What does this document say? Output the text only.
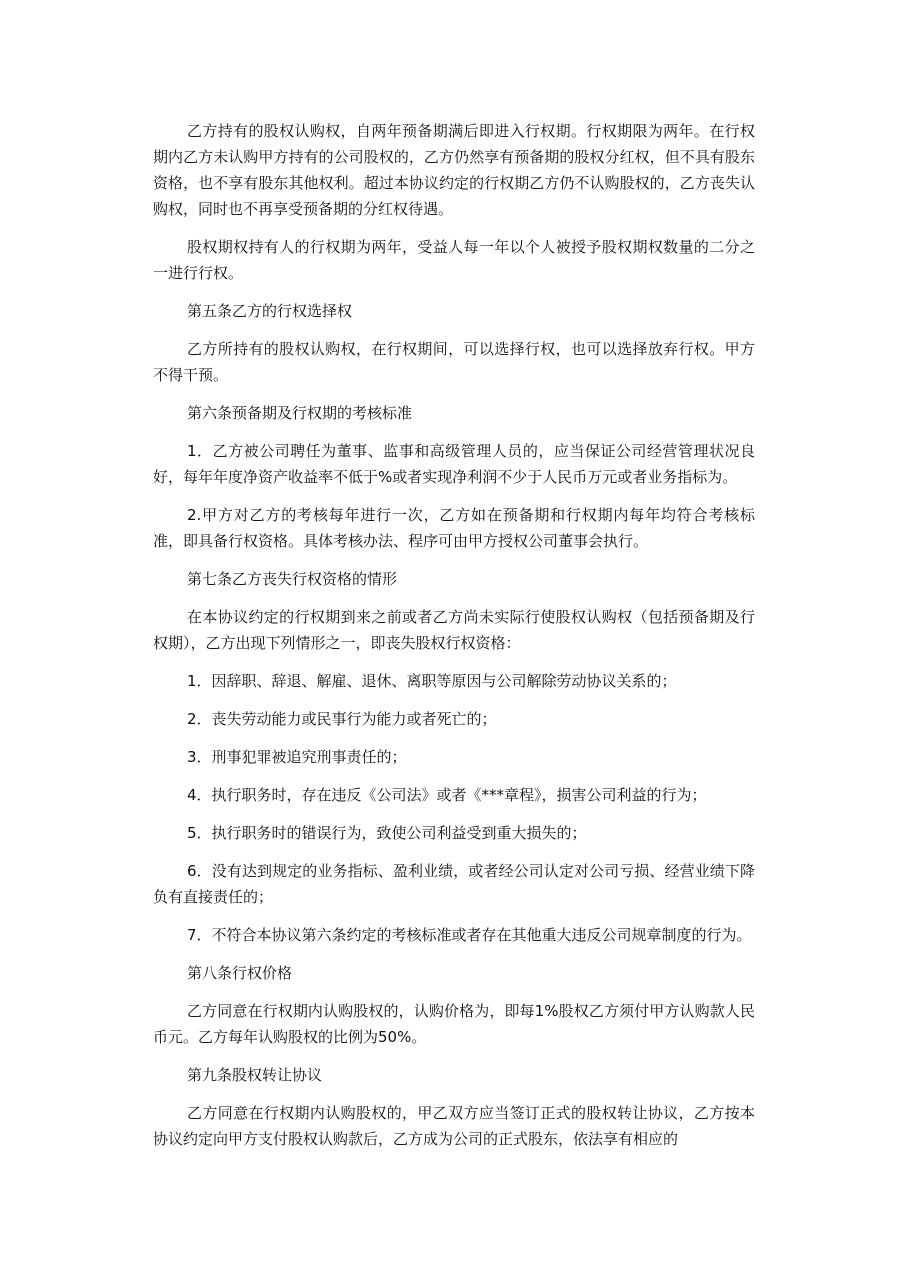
乙方持有的股权认购权，自两年预备期满后即进入行权期。行权期限为两年。在行权期内乙方未认购甲方持有的公司股权的，乙方仍然享有预备期的股权分红权，但不具有股东资格，也不享有股东其他权利。超过本协议约定的行权期乙方仍不认购股权的，乙方丧失认购权，同时也不再享受预备期的分红权待遇。

股权期权持有人的行权期为两年，受益人每一年以个人被授予股权期权数量的二分之一进行行权。

第五条乙方的行权选择权

乙方所持有的股权认购权，在行权期间，可以选择行权，也可以选择放弃行权。甲方不得干预。

第六条预备期及行权期的考核标准

1．乙方被公司聘任为董事、监事和高级管理人员的，应当保证公司经营管理状况良好，每年年度净资产收益率不低于%或者实现净利润不少于人民币万元或者业务指标为。

2.甲方对乙方的考核每年进行一次，乙方如在预备期和行权期内每年均符合考核标准，即具备行权资格。具体考核办法、程序可由甲方授权公司董事会执行。

第七条乙方丧失行权资格的情形

在本协议约定的行权期到来之前或者乙方尚未实际行使股权认购权（包括预备期及行权期），乙方出现下列情形之一，即丧失股权行权资格：

1．因辞职、辞退、解雇、退休、离职等原因与公司解除劳动协议关系的；

2．丧失劳动能力或民事行为能力或者死亡的；

3．刑事犯罪被追究刑事责任的；

4．执行职务时，存在违反《公司法》或者《***章程》，损害公司利益的行为；

5．执行职务时的错误行为，致使公司利益受到重大损失的；

6．没有达到规定的业务指标、盈利业绩，或者经公司认定对公司亏损、经营业绩下降负有直接责任的；

7．不符合本协议第六条约定的考核标准或者存在其他重大违反公司规章制度的行为。

第八条行权价格

乙方同意在行权期内认购股权的，认购价格为，即每1%股权乙方须付甲方认购款人民币元。乙方每年认购股权的比例为50%。

第九条股权转让协议

乙方同意在行权期内认购股权的，甲乙双方应当签订正式的股权转让协议，乙方按本协议约定向甲方支付股权认购款后，乙方成为公司的正式股东，依法享有相应的
